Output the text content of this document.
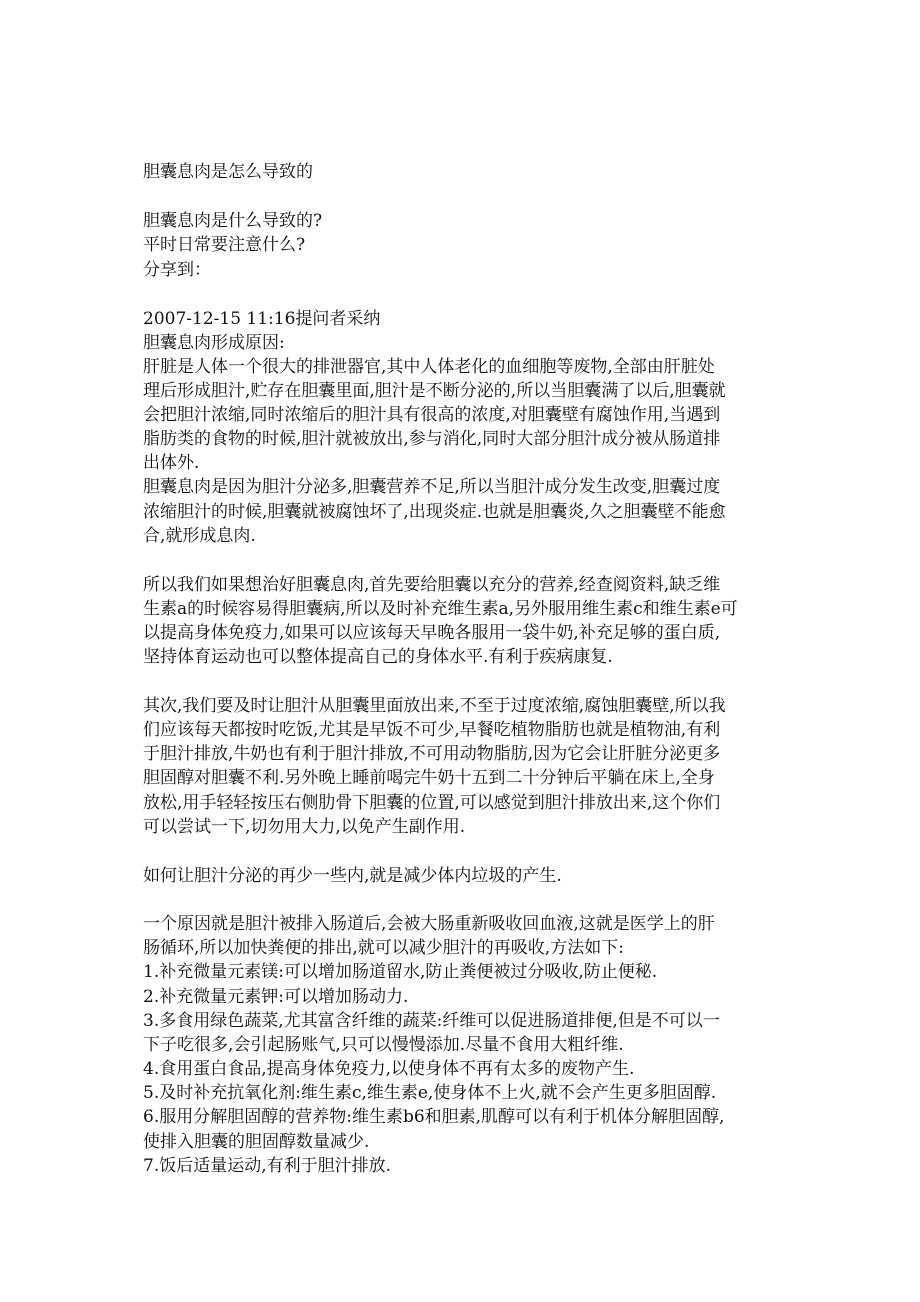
胆囊息肉是怎么导致的
胆囊息肉是什么导致的?
平时日常要注意什么?
分享到：
2007-12-15 11:16提问者采纳
胆囊息肉形成原因:
肝脏是人体一个很大的排泄器官,其中人体老化的血细胞等废物,全部由肝脏处
理后形成胆汁,贮存在胆囊里面,胆汁是不断分泌的,所以当胆囊满了以后,胆囊就
会把胆汁浓缩,同时浓缩后的胆汁具有很高的浓度,对胆囊壁有腐蚀作用,当遇到
脂肪类的食物的时候,胆汁就被放出,参与消化,同时大部分胆汁成分被从肠道排
出体外.
胆囊息肉是因为胆汁分泌多,胆囊营养不足,所以当胆汁成分发生改变,胆囊过度
浓缩胆汁的时候,胆囊就被腐蚀坏了,出现炎症.也就是胆囊炎,久之胆囊壁不能愈
合,就形成息肉.
所以我们如果想治好胆囊息肉,首先要给胆囊以充分的营养,经查阅资料,缺乏维
生素a的时候容易得胆囊病,所以及时补充维生素a,另外服用维生素c和维生素e可
以提高身体免疫力,如果可以应该每天早晚各服用一袋牛奶,补充足够的蛋白质,
坚持体育运动也可以整体提高自己的身体水平.有利于疾病康复.
其次,我们要及时让胆汁从胆囊里面放出来,不至于过度浓缩,腐蚀胆囊壁,所以我
们应该每天都按时吃饭,尤其是早饭不可少,早餐吃植物脂肪也就是植物油,有利
于胆汁排放,牛奶也有利于胆汁排放,不可用动物脂肪,因为它会让肝脏分泌更多
胆固醇对胆囊不利.另外晚上睡前喝完牛奶十五到二十分钟后平躺在床上,全身
放松,用手轻轻按压右侧肋骨下胆囊的位置,可以感觉到胆汁排放出来,这个你们
可以尝试一下,切勿用大力,以免产生副作用.
如何让胆汁分泌的再少一些内,就是减少体内垃圾的产生.
一个原因就是胆汁被排入肠道后,会被大肠重新吸收回血液,这就是医学上的肝
肠循环,所以加快粪便的排出,就可以减少胆汁的再吸收,方法如下:
1.补充微量元素镁:可以增加肠道留水,防止粪便被过分吸收,防止便秘.
2.补充微量元素钾:可以增加肠动力.
3.多食用绿色蔬菜,尤其富含纤维的蔬菜:纤维可以促进肠道排便,但是不可以一
下子吃很多,会引起肠账气,只可以慢慢添加.尽量不食用大粗纤维.
4.食用蛋白食品,提高身体免疫力,以使身体不再有太多的废物产生.
5.及时补充抗氧化剂:维生素c,维生素e,使身体不上火,就不会产生更多胆固醇.
6.服用分解胆固醇的营养物:维生素b6和胆素,肌醇可以有利于机体分解胆固醇,
使排入胆囊的胆固醇数量减少.
7.饭后适量运动,有利于胆汁排放.
